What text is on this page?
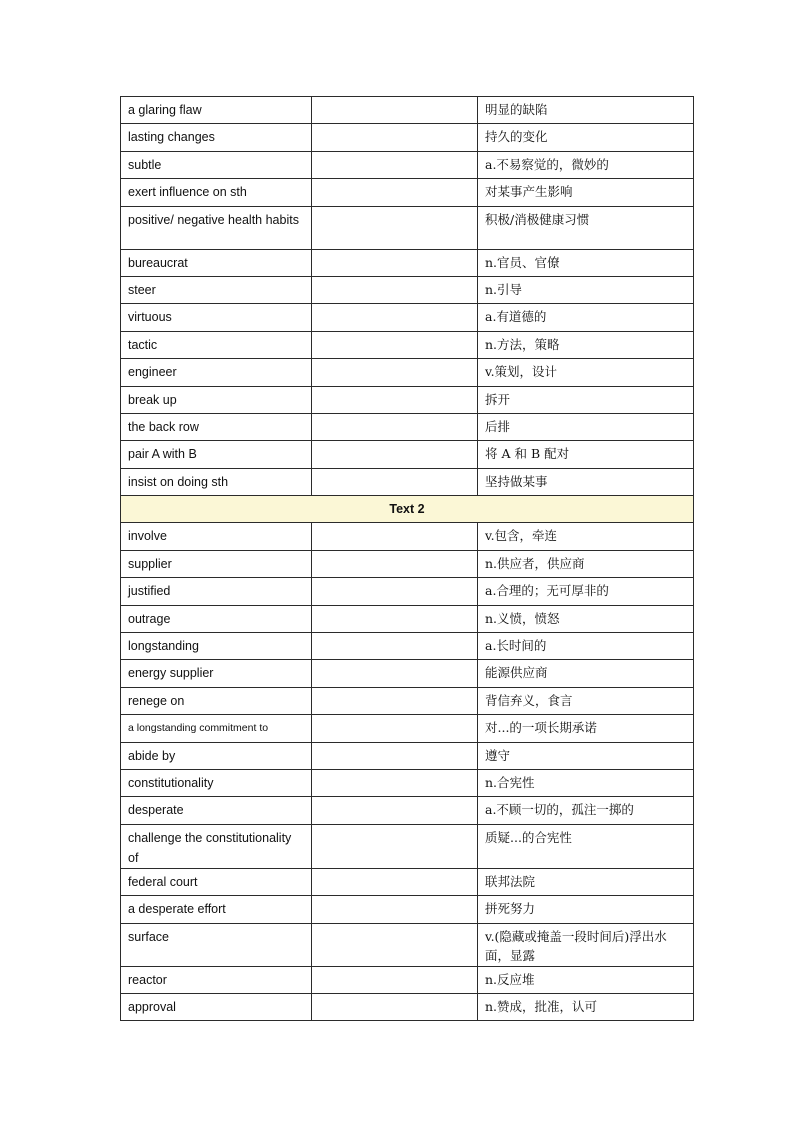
a glaring flaw		明显的缺陷
lasting changes		持久的变化
subtle		a.不易察觉的，微妙的
exert influence on sth		对某事产生影响
positive/ negative health habits		积极/消极健康习惯
bureaucrat		n.官员、官僚
steer		n.引导
virtuous		a.有道德的
tactic		n.方法，策略
engineer		v.策划，设计
break up		拆开
the back row		后排
pair A with B		将 A 和 B 配对
insist on doing sth		坚持做某事
Text 2		
involve		v.包含，牵连
supplier		n.供应者，供应商
justified		a.合理的；无可厚非的
outrage		n.义愤，愤怒
longstanding		a.长时间的
energy supplier		能源供应商
renege on		背信弃义，食言
a longstanding commitment to		对...的一项长期承诺
abide by		遵守
constitutionality		n.合宪性
desperate		a.不顾一切的，孤注一掷的
challenge the constitutionality of		质疑...的合宪性
federal court		联邦法院
a desperate effort		拼死努力
surface		v.(隐藏或掩盖一段时间后)浮出水面，显露
reactor		n.反应堆
approval		n.赞成，批准，认可
